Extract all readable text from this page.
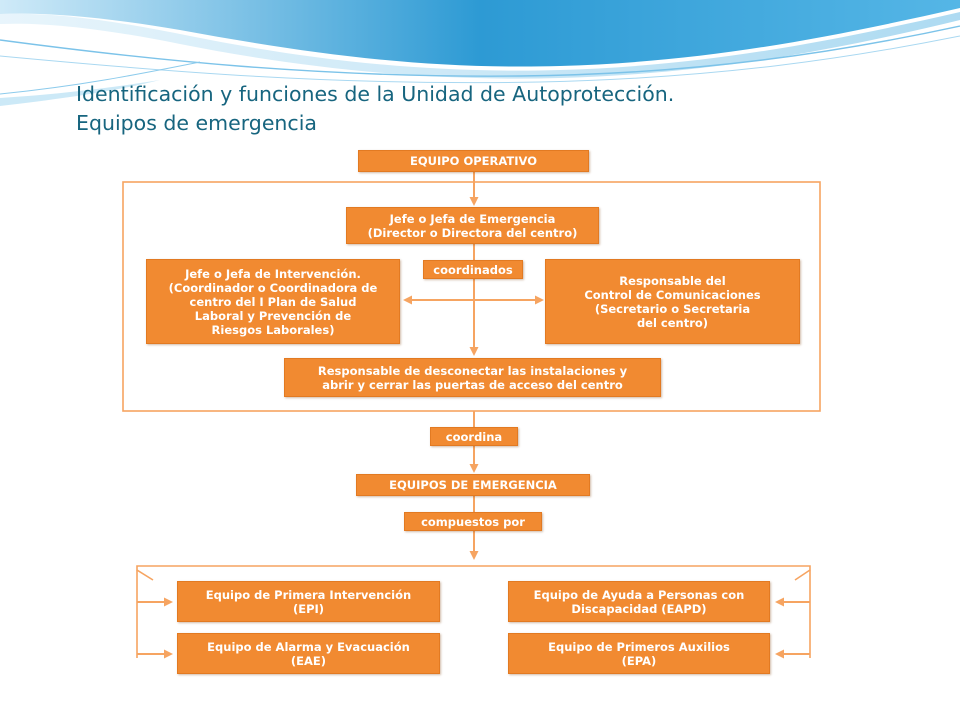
Identificación y funciones de la Unidad de Autoprotección.
Equipos de emergencia
EQUIPO OPERATIVO
Jefe o Jefa de Emergencia
(Director o Directora del centro)
Jefe o Jefa de Intervención.
(Coordinador o Coordinadora de
centro del I Plan de Salud
Laboral y Prevención de
Riesgos Laborales)
coordinados
Responsable del
Control de Comunicaciones
(Secretario o Secretaria
del centro)
Responsable de desconectar las instalaciones y
abrir y cerrar las puertas de acceso del centro
coordina
EQUIPOS DE EMERGENCIA
compuestos por
Equipo de Primera Intervención
(EPI)
Equipo de Alarma y Evacuación
(EAE)
Equipo de Ayuda a Personas con
Discapacidad (EAPD)
Equipo de Primeros Auxilios
(EPA)
